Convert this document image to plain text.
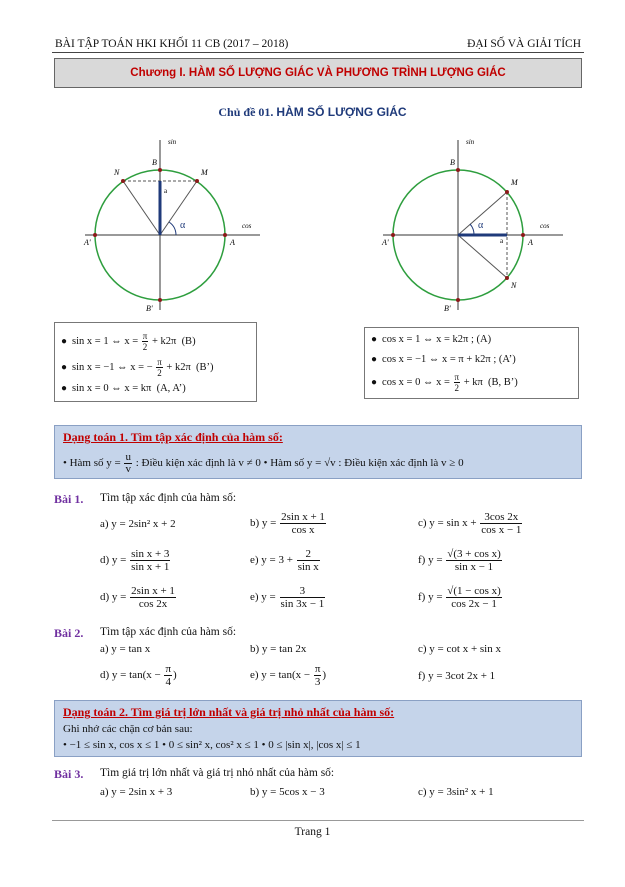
BÀI TẬP TOÁN HKI KHỐI 11 CB (2017 – 2018)	ĐẠI SỐ VÀ GIẢI TÍCH
Chương I. HÀM SỐ LƯỢNG GIÁC VÀ PHƯƠNG TRÌNH LƯỢNG GIÁC
Chủ đề 01. HÀM SỐ LƯỢNG GIÁC
sin
cos
B
B'
A
A'
N	M
a
α
sin
cos
B
B'
A
A'
M
N
a
α
● sin x = 1 ⇔ $x = \frac{\pi}{2} + k2\pi$ (B)
● sin x = −1 ⇔ x = − $\frac{\pi}{2} + k2\pi$ (B’)
● sin x = 0 ⇔ x = kπ (A, A’)
● cos x = 1 ⇔ x = k2π ; (A)
● cos x = −1 ⇔ x = π + k2π ; (A’)
● cos x = 0 ⇔ $x = \frac{\pi}{2} + k\pi$ (B, B’)
Dạng toán 1. Tìm tập xác định của hàm số:
• Hàm số $y = \frac{u}{v}$ : Điều kiện xác định là v ≠ 0 • Hàm số y = √v : Điều kiện xác định là v ≥ 0
Bài 1. Tìm tập xác định của hàm số:
a) y = 2sin² x + 2	b) $y = \frac{\text{2sin x + 1}}{\text{cos x}}$	c) $y = \sin x + \frac{3\cos 2x}{\text{cos x − 1}}$
d) $y = \frac{\text{sin x + 3}}{\text{sin x + 1}}$	e) $y = 3 + \frac{2}{\text{sin x}}$	f) $y = \frac{\text{√(3 + cos x)}}{\text{sin x − 1}}$
d) $y = \frac{\text{2sin x + 1}}{\cos 2x}$	e) $y = \frac{3}{\sin 3x - 1}$	f) $y = \frac{\text{√(1 − cos x)}}{\cos 2x - 1}$
Bài 2. Tìm tập xác định của hàm số:
a) y = tan x	b) y = tan 2x	c) y = cot x + sin x
d) $y = \tan(x - \frac{\pi}{4}$ )	e) $y = \tan(x - \frac{\pi}{3}$ )	f) y = 3cot 2x + 1
Dạng toán 2. Tìm giá trị lớn nhất và giá trị nhỏ nhất của hàm số:
Ghi nhớ các chặn cơ bản sau:
• −1 ≤ sin x, cos x ≤ 1 • 0 ≤ sin² x, cos² x ≤ 1 • 0 ≤ |sin x|, |cos x| ≤ 1
Bài 3. Tìm giá trị lớn nhất và giá trị nhỏ nhất của hàm số:
a) y = 2sin x + 3	b) y = 5cos x − 3	c) y = 3sin² x + 1
Trang 1
